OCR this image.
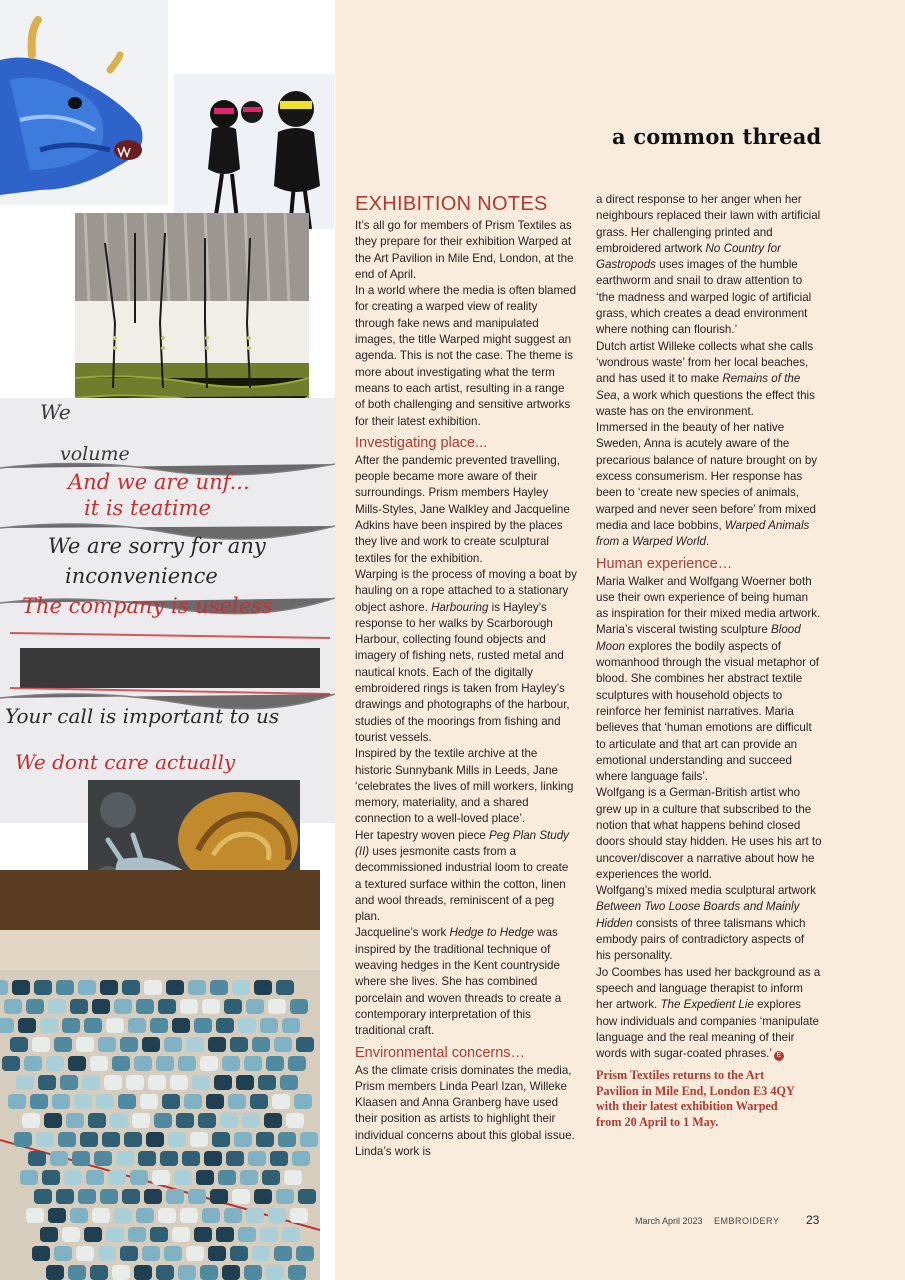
We
volume
And we are unf...
it is teatime
We are sorry for any
inconvenience
The company is useless
Your call is important to us
We dont care actually
a common thread
EXHIBITION NOTES

It’s all go for members of Prism Textiles as they prepare for their exhibition Warped at the Art Pavilion in Mile End, London, at the end of April.

In a world where the media is often blamed for creating a warped view of reality through fake news and manipulated images, the title Warped might suggest an agenda. This is not the case. The theme is more about investigating what the term means to each artist, resulting in a range of both challenging and sensitive artworks for their latest exhibition.

Investigating place...

After the pandemic prevented travelling, people became more aware of their surroundings. Prism members Hayley Mills-Styles, Jane Walkley and Jacqueline Adkins have been inspired by the places they live and work to create sculptural textiles for the exhibition.

Warping is the process of moving a boat by hauling on a rope attached to a stationary object ashore. Harbouring is Hayley’s response to her walks by Scarborough Harbour, collecting found objects and imagery of fishing nets, rusted metal and nautical knots. Each of the digitally embroidered rings is taken from Hayley’s drawings and photographs of the harbour, studies of the moorings from fishing and tourist vessels.

Inspired by the textile archive at the historic Sunnybank Mills in Leeds, Jane ‘celebrates the lives of mill workers, linking memory, materiality, and a shared connection to a well-loved place’.

Her tapestry woven piece Peg Plan Study (II) uses jesmonite casts from a decommissioned industrial loom to create a textured surface within the cotton, linen and wool threads, reminiscent of a peg plan.

Jacqueline’s work Hedge to Hedge was inspired by the traditional technique of weaving hedges in the Kent countryside where she lives. She has combined porcelain and woven threads to create a contemporary interpretation of this traditional craft.

Environmental concerns…

As the climate crisis dominates the media, Prism members Linda Pearl Izan, Willeke Klaasen and Anna Granberg have used their position as artists to highlight their individual concerns about this global issue. Linda’s work is

a direct response to her anger when her neighbours replaced their lawn with artificial grass. Her challenging printed and embroidered artwork No Country for Gastropods uses images of the humble earthworm and snail to draw attention to ‘the madness and warped logic of artificial grass, which creates a dead environment where nothing can flourish.’

Dutch artist Willeke collects what she calls ‘wondrous waste’ from her local beaches, and has used it to make Remains of the Sea, a work which questions the effect this waste has on the environment.

Immersed in the beauty of her native Sweden, Anna is acutely aware of the precarious balance of nature brought on by excess consumerism. Her response has been to ‘create new species of animals, warped and never seen before’ from mixed media and lace bobbins, Warped Animals from a Warped World.

Human experience…

Maria Walker and Wolfgang Woerner both use their own experience of being human as inspiration for their mixed media artwork.

Maria’s visceral twisting sculpture Blood Moon explores the bodily aspects of womanhood through the visual metaphor of blood. She combines her abstract textile sculptures with household objects to reinforce her feminist narratives. Maria believes that ‘human emotions are difficult to articulate and that art can provide an emotional understanding and succeed where language fails’.

Wolfgang is a German-British artist who grew up in a culture that subscribed to the notion that what happens behind closed doors should stay hidden. He uses his art to uncover/discover a narrative about how he experiences the world.

Wolfgang’s mixed media sculptural artwork Between Two Loose Boards and Mainly Hidden consists of three talismans which embody pairs of contradictory aspects of his personality.

Jo Coombes has used her background as a speech and language therapist to inform her artwork. The Expedient Lie explores how individuals and companies ‘manipulate language and the real meaning of their words with sugar-coated phrases.’ E

Prism Textiles returns to the Art
Pavilion in Mile End, London E3 4QY
with their latest exhibition Warped
from 20 April to 1 May.
March April 2023 EMBROIDERY 23
